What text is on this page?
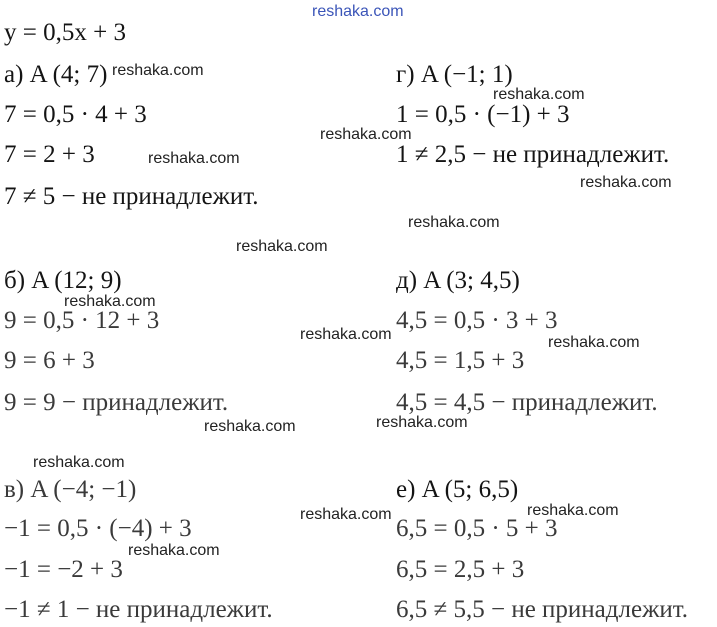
y = 0,5x + 3
а) A (4; 7)
7 = 0,5 · 4 + 3
7 = 2 + 3
7 ≠ 5 − не принадлежит.
г) A (−1; 1)
1 = 0,5 · (−1) + 3
1 ≠ 2,5 − не принадлежит.
б) A (12; 9)
9 = 0,5 · 12 + 3
9 = 6 + 3
9 = 9 − принадлежит.
д) A (3; 4,5)
4,5 = 0,5 · 3 + 3
4,5 = 1,5 + 3
4,5 = 4,5 − принадлежит.
в) A (−4; −1)
−1 = 0,5 · (−4) + 3
−1 = −2 + 3
−1 ≠ 1 − не принадлежит.
е) A (5; 6,5)
6,5 = 0,5 · 5 + 3
6,5 = 2,5 + 3
6,5 ≠ 5,5 − не принадлежит.
reshaka.com
reshaka.com
reshaka.com
reshaka.com
reshaka.com
reshaka.com
reshaka.com
reshaka.com
reshaka.com
reshaka.com	reshaka.com
reshaka.com
reshaka.com
reshaka.com
reshaka.com
reshaka.com
reshaka.com
